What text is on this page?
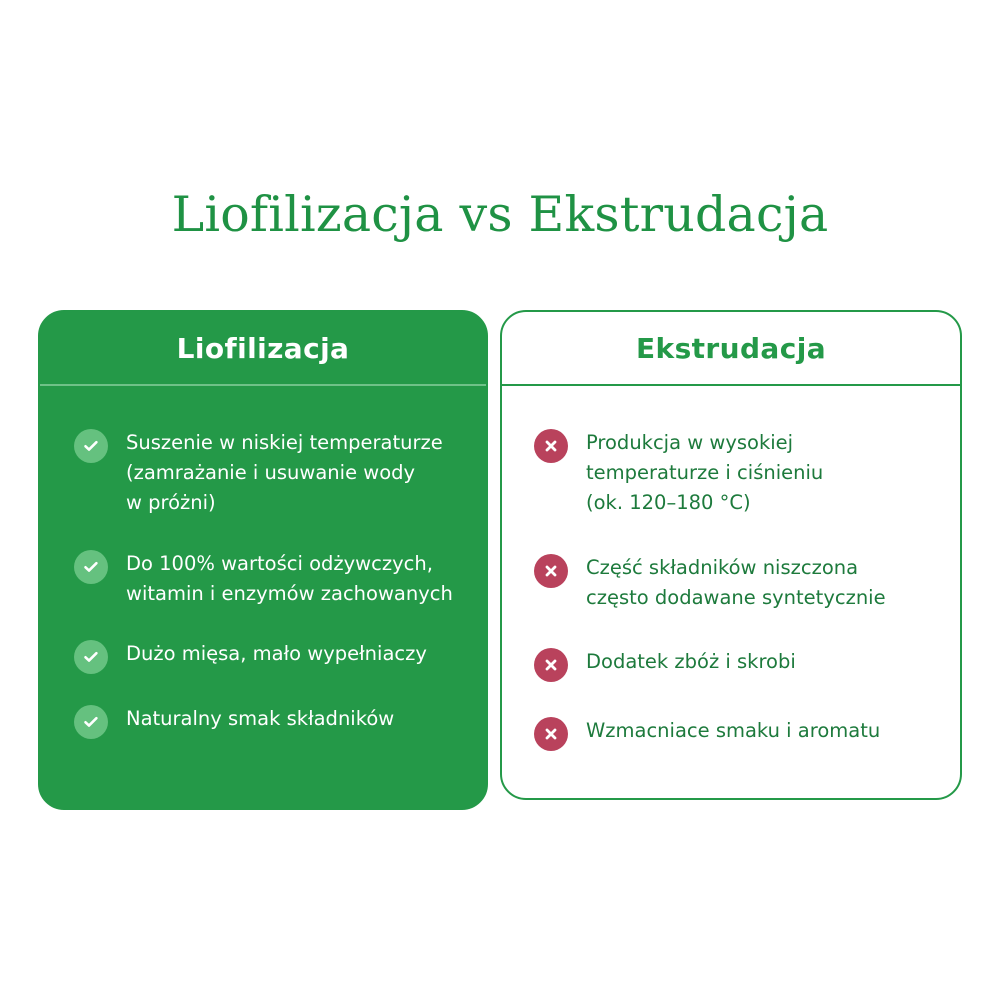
Liofilizacja vs Ekstrudacja
Liofilizacja
Suszenie w niskiej temperaturze
(zamrażanie i usuwanie wody
w próżni)
Do 100% wartości odżywczych,
witamin i enzymów zachowanych
Dużo mięsa, mało wypełniaczy
Naturalny smak składników
Ekstrudacja
Produkcja w wysokiej
temperaturze i ciśnieniu
(ok. 120–180 °C)
Część składników niszczona
często dodawane syntetycznie
Dodatek zbóż i skrobi
Wzmacniace smaku i aromatu
